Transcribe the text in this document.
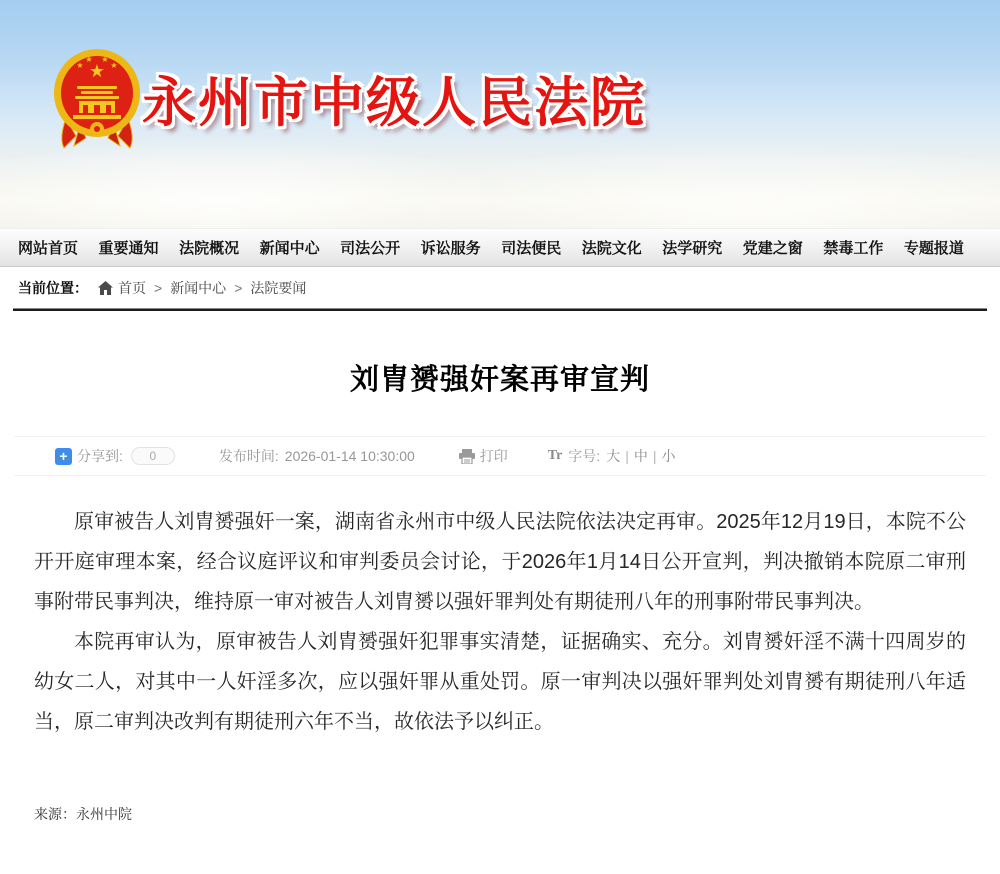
★
★
★ ★
★
永州市中级人民法院
网站首页 重要通知 法院概况 新闻中心 司法公开 诉讼服务 司法便民 法院文化 法学研究 党建之窗 禁毒工作 专题报道
当前位置： 首页 > 新闻中心 > 法院要闻
刘胄赟强奸案再审宣判
+ 分享到:	0	发布时间: 2026-01-14 10:30:00	打印	Tr 字号: 大 | 中 | 小

原审被告人刘胄赟强奸一案，湖南省永州市中级人民法院依法决定再审。2025年12月19日，本院不公开开庭审理本案，经合议庭评议和审判委员会讨论，于2026年1月14日公开宣判，判决撤销本院原二审刑事附带民事判决，维持原一审对被告人刘胄赟以强奸罪判处有期徒刑八年的刑事附带民事判决。

本院再审认为，原审被告人刘胄赟强奸犯罪事实清楚，证据确实、充分。刘胄赟奸淫不满十四周岁的幼女二人，对其中一人奸淫多次，应以强奸罪从重处罚。原一审判决以强奸罪判处刘胄赟有期徒刑八年适当，原二审判决改判有期徒刑六年不当，故依法予以纠正。

来源：永州中院
